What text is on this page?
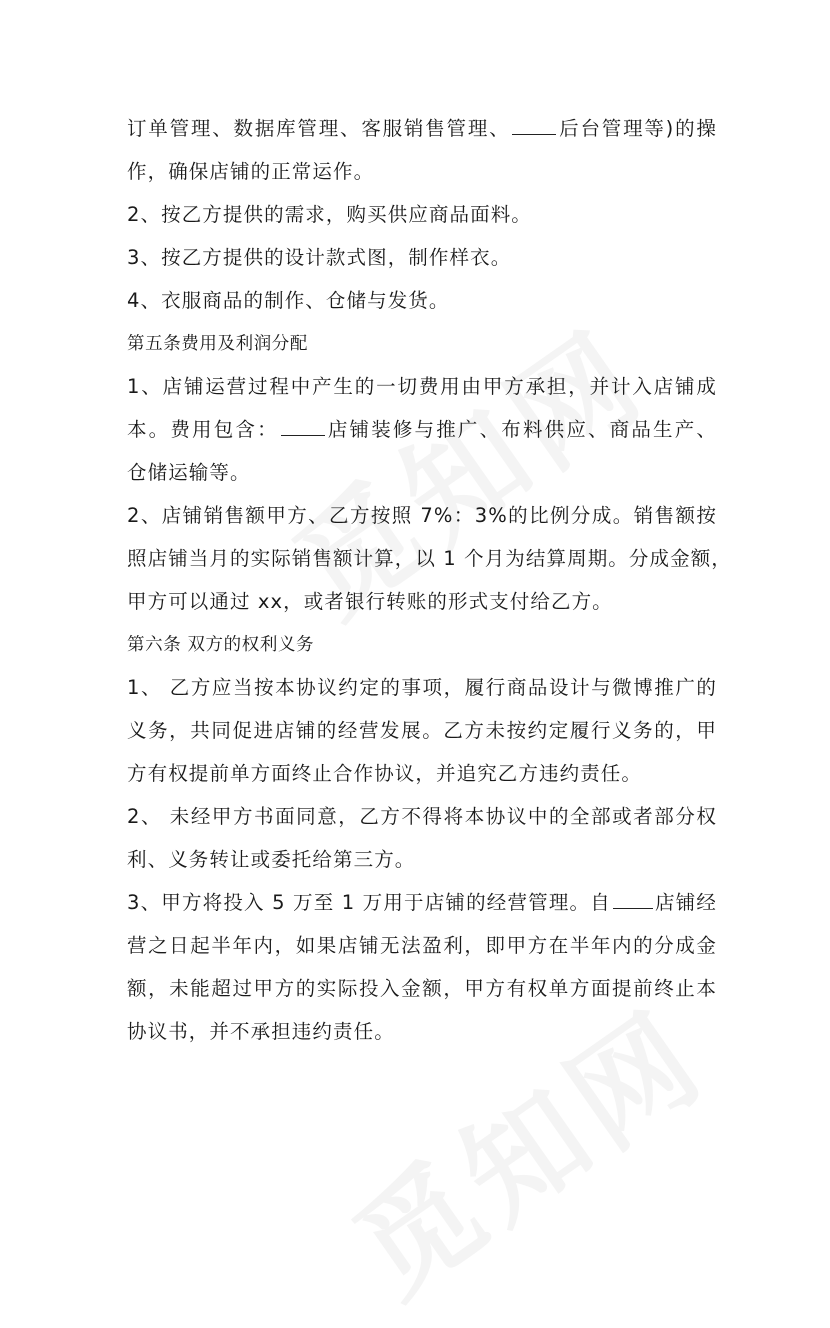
订单管理、数据库管理、客服销售管理、 后台管理等)的操
作，确保店铺的正常运作。
2、按乙方提供的需求，购买供应商品面料。
3、按乙方提供的设计款式图，制作样衣。
4、衣服商品的制作、仓储与发货。
第五条费用及利润分配
1、店铺运营过程中产生的一切费用由甲方承担，并计入店铺成
本。费用包含： 店铺装修与推广、布料供应、商品生产、
仓储运输等。
2、店铺销售额甲方、乙方按照 7%：3%的比例分成。销售额按
照店铺当月的实际销售额计算，以 1 个月为结算周期。分成金额，
甲方可以通过 xx，或者银行转账的形式支付给乙方。
第六条 双方的权利义务
1、 乙方应当按本协议约定的事项，履行商品设计与微博推广的
义务，共同促进店铺的经营发展。乙方未按约定履行义务的，甲
方有权提前单方面终止合作协议，并追究乙方违约责任。
2、 未经甲方书面同意，乙方不得将本协议中的全部或者部分权
利、义务转让或委托给第三方。
3、甲方将投入 5 万至 1 万用于店铺的经营管理。自 店铺经
营之日起半年内，如果店铺无法盈利，即甲方在半年内的分成金
额，未能超过甲方的实际投入金额，甲方有权单方面提前终止本
协议书，并不承担违约责任。
